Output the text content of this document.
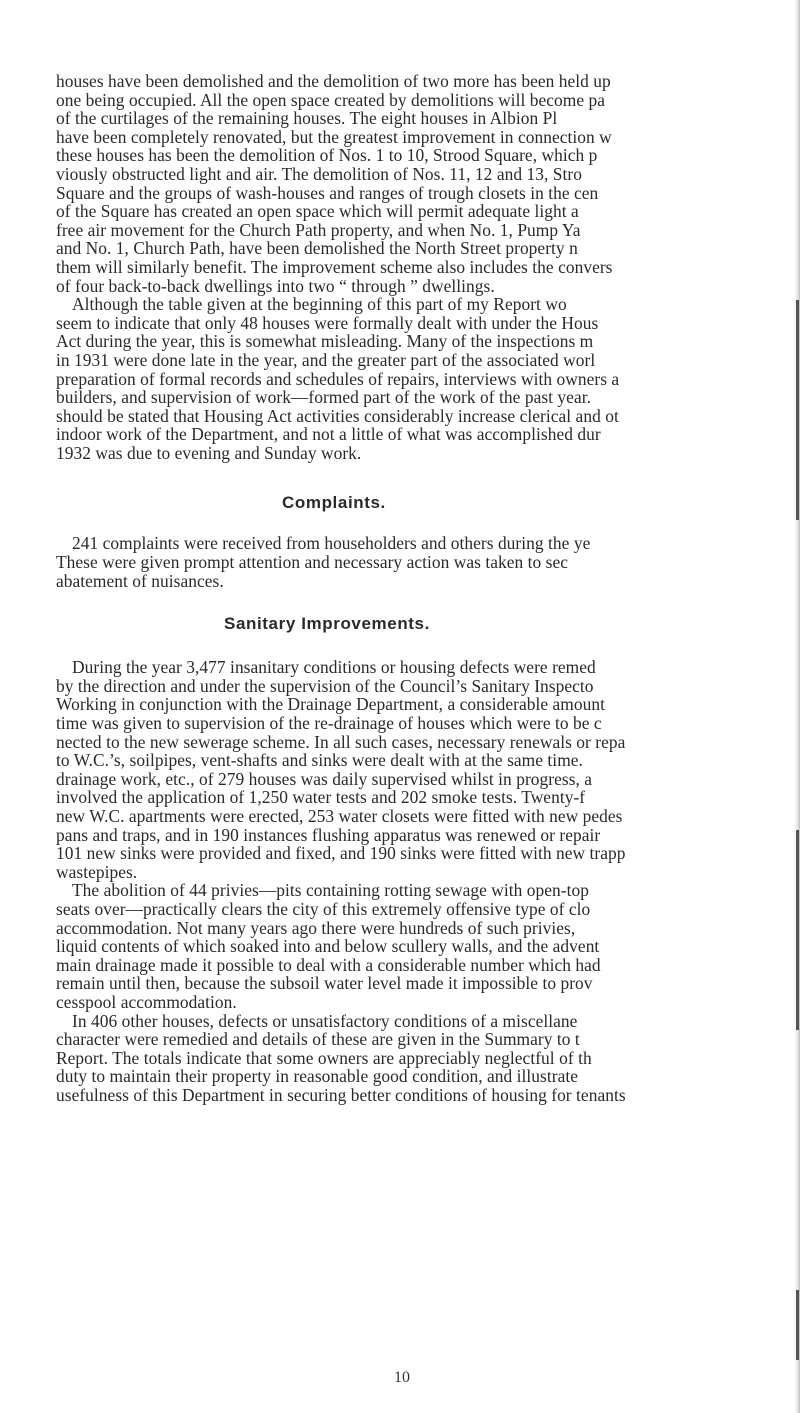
houses have been demolished and the demolition of two more has been held up
one being occupied. All the open space created by demolitions will become pa
of the curtilages of the remaining houses. The eight houses in Albion Pl
have been completely renovated, but the greatest improvement in connection w
these houses has been the demolition of Nos. 1 to 10, Strood Square, which p
viously obstructed light and air. The demolition of Nos. 11, 12 and 13, Stro
Square and the groups of wash-houses and ranges of trough closets in the cen
of the Square has created an open space which will permit adequate light a
free air movement for the Church Path property, and when No. 1, Pump Ya
and No. 1, Church Path, have been demolished the North Street property n
them will similarly benefit. The improvement scheme also includes the convers
of four back-to-back dwellings into two “ through ” dwellings.
Although the table given at the beginning of this part of my Report wo
seem to indicate that only 48 houses were formally dealt with under the Hous
Act during the year, this is somewhat misleading. Many of the inspections m
in 1931 were done late in the year, and the greater part of the associated worl
preparation of formal records and schedules of repairs, interviews with owners a
builders, and supervision of work—formed part of the work of the past year.
should be stated that Housing Act activities considerably increase clerical and ot
indoor work of the Department, and not a little of what was accomplished dur
1932 was due to evening and Sunday work.
Complaints.
241 complaints were received from householders and others during the ye
These were given prompt attention and necessary action was taken to sec
abatement of nuisances.
Sanitary Improvements.
During the year 3,477 insanitary conditions or housing defects were remed
by the direction and under the supervision of the Council’s Sanitary Inspecto
Working in conjunction with the Drainage Department, a considerable amount
time was given to supervision of the re-drainage of houses which were to be c
nected to the new sewerage scheme. In all such cases, necessary renewals or repa
to W.C.’s, soilpipes, vent-shafts and sinks were dealt with at the same time.
drainage work, etc., of 279 houses was daily supervised whilst in progress, a
involved the application of 1,250 water tests and 202 smoke tests. Twenty-f
new W.C. apartments were erected, 253 water closets were fitted with new pedes
pans and traps, and in 190 instances flushing apparatus was renewed or repair
101 new sinks were provided and fixed, and 190 sinks were fitted with new trapp
wastepipes.
The abolition of 44 privies—pits containing rotting sewage with open-top
seats over—practically clears the city of this extremely offensive type of clo
accommodation. Not many years ago there were hundreds of such privies,
liquid contents of which soaked into and below scullery walls, and the advent
main drainage made it possible to deal with a considerable number which had
remain until then, because the subsoil water level made it impossible to prov
cesspool accommodation.
In 406 other houses, defects or unsatisfactory conditions of a miscellane
character were remedied and details of these are given in the Summary to t
Report. The totals indicate that some owners are appreciably neglectful of th
duty to maintain their property in reasonable good condition, and illustrate
usefulness of this Department in securing better conditions of housing for tenants
10
